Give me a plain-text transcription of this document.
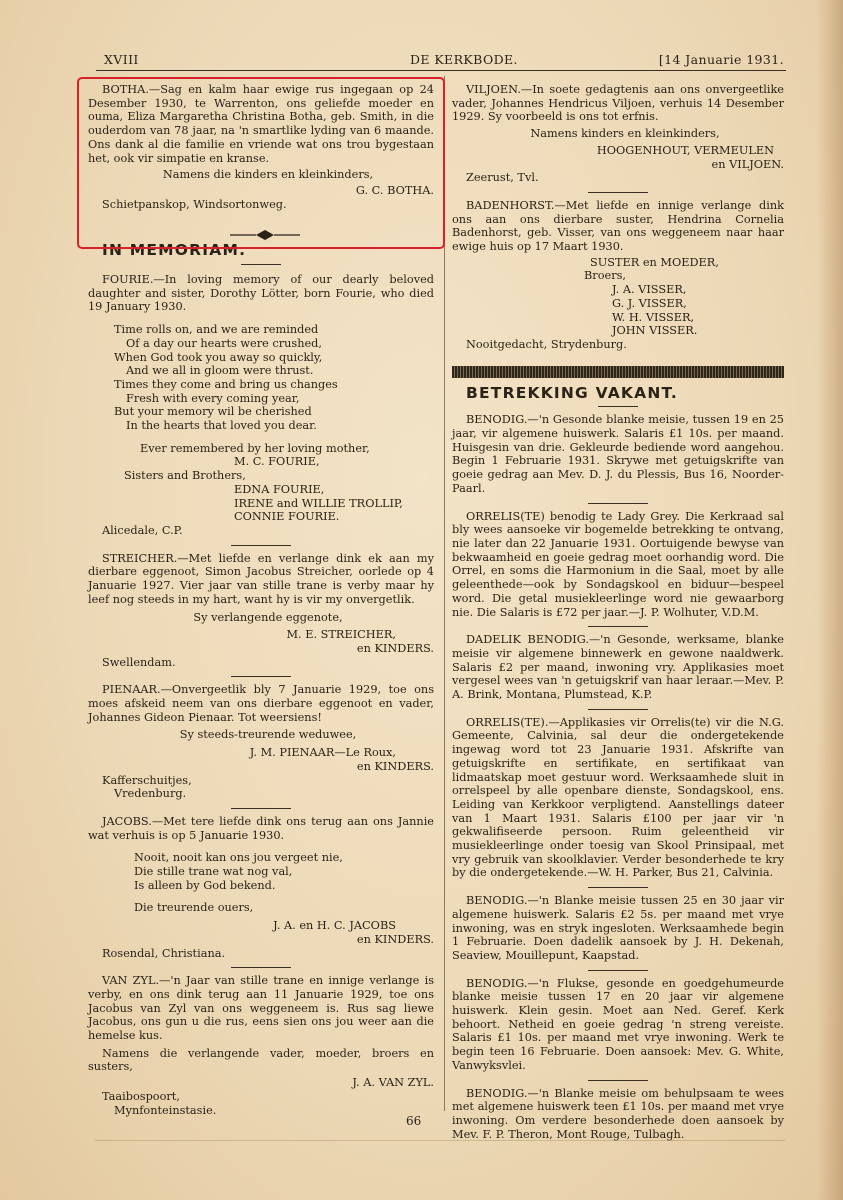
XVIII	DE KERKBODE.	[14 Januarie 1931.

BOTHA.—Sag en kalm haar ewige rus ingegaan op 24 Desember 1930, te Warrenton, ons geliefde moeder en ouma, Eliza Margaretha Christina Botha, geb. Smith, in die ouderdom van 78 jaar, na 'n smartlike lyding van 6 maande. Ons dank al die familie en vriende wat ons trou bygestaan het, ook vir simpatie en kranse.

Namens die kinders en kleinkinders,

G. C. BOTHA.

Schietpanskop, Windsortonweg.

IN MEMORIAM.

FOURIE.—In loving memory of our dearly beloved daughter and sister, Dorothy Lötter, born Fourie, who died 19 January 1930.

Time rolls on, and we are reminded
Of a day our hearts were crushed,
When God took you away so quickly,
And we all in gloom were thrust.
Times they come and bring us changes
Fresh with every coming year,
But your memory wil be cherished
In the hearts that loved you dear.

Ever remembered by her loving mother,

M. C. FOURIE,

Sisters and Brothers,

EDNA FOURIE,

IRENE and WILLIE TROLLIP,

CONNIE FOURIE.

Alicedale, C.P.

STREICHER.—Met liefde en verlange dink ek aan my dierbare eggenoot, Simon Jacobus Streicher, oorlede op 4 Januarie 1927. Vier jaar van stille trane is verby maar hy leef nog steeds in my hart, want hy is vir my onvergetlik.

Sy verlangende eggenote,

M. E. STREICHER,

en KINDERS.

Swellendam.

PIENAAR.—Onvergeetlik bly 7 Januarie 1929, toe ons moes afskeid neem van ons dierbare eggenoot en vader, Johannes Gideon Pienaar. Tot weersiens!

Sy steeds-treurende weduwee,

J. M. PIENAAR—Le Roux,

en KINDERS.

Kafferschuitjes,

Vredenburg.

JACOBS.—Met tere liefde dink ons terug aan ons Jannie wat verhuis is op 5 Januarie 1930.

Nooit, nooit kan ons jou vergeet nie,
Die stille trane wat nog val,
Is alleen by God bekend.

Die treurende ouers,

J. A. en H. C. JACOBS

en KINDERS.

Rosendal, Christiana.

VAN ZYL.—'n Jaar van stille trane en innige verlange is verby, en ons dink terug aan 11 Januarie 1929, toe ons Jacobus van Zyl van ons weggeneem is. Rus sag liewe Jacobus, ons gun u die rus, eens sien ons jou weer aan die hemelse kus.

Namens die verlangende vader, moeder, broers en susters,

J. A. VAN ZYL.

Taaibospoort,

Mynfonteinstasie.

VILJOEN.—In soete gedagtenis aan ons onvergeetlike vader, Johannes Hendricus Viljoen, verhuis 14 Desember 1929. Sy voorbeeld is ons tot erfnis.

Namens kinders en kleinkinders,

HOOGENHOUT, VERMEULEN

en VILJOEN.

Zeerust, Tvl.

BADENHORST.—Met liefde en innige verlange dink ons aan ons dierbare suster, Hendrina Cornelia Badenhorst, geb. Visser, van ons weggeneem naar haar ewige huis op 17 Maart 1930.

SUSTER en MOEDER,

Broers,

J. A. VISSER,

G. J. VISSER,

W. H. VISSER,

JOHN VISSER.

Nooitgedacht, Strydenburg.

BETREKKING VAKANT.

BENODIG.—'n Gesonde blanke meisie, tussen 19 en 25 jaar, vir algemene huiswerk. Salaris £1 10s. per maand. Huisgesin van drie. Gekleurde bediende word aangehou. Begin 1 Februarie 1931. Skrywe met getuigskrifte van goeie gedrag aan Mev. D. J. du Plessis, Bus 16, Noorder-Paarl.

ORRELIS(TE) benodig te Lady Grey. Die Kerkraad sal bly wees aansoeke vir bogemelde betrekking te ontvang, nie later dan 22 Januarie 1931. Oortuigende bewyse van bekwaamheid en goeie gedrag moet oorhandig word. Die Orrel, en soms die Harmonium in die Saal, moet by alle geleenthede—ook by Sondagskool en biduur—bespeel word. Die getal musiekleerlinge word nie gewaarborg nie. Die Salaris is £72 per jaar.—J. P. Wolhuter, V.D.M.

DADELIK BENODIG.—'n Gesonde, werksame, blanke meisie vir algemene binnewerk en gewone naaldwerk. Salaris £2 per maand, inwoning vry. Applikasies moet vergesel wees van 'n getuigskrif van haar leraar.—Mev. P. A. Brink, Montana, Plumstead, K.P.

ORRELIS(TE).—Applikasies vir Orrelis(te) vir die N.G. Gemeente, Calvinia, sal deur die ondergetekende ingewag word tot 23 Januarie 1931. Afskrifte van getuigskrifte en sertifikate, en sertifikaat van lidmaatskap moet gestuur word. Werksaamhede sluit in orrelspeel by alle openbare dienste, Sondagskool, ens. Leiding van Kerkkoor verpligtend. Aanstellings dateer van 1 Maart 1931. Salaris £100 per jaar vir 'n gekwalifiseerde persoon. Ruim geleentheid vir musiekleerlinge onder toesig van Skool Prinsipaal, met vry gebruik van skoolklavier. Verder besonderhede te kry by die ondergetekende.—W. H. Parker, Bus 21, Calvinia.

BENODIG.—'n Blanke meisie tussen 25 en 30 jaar vir algemene huiswerk. Salaris £2 5s. per maand met vrye inwoning, was en stryk ingesloten. Werksaamhede begin 1 Februarie. Doen dadelik aansoek by J. H. Dekenah, Seaview, Mouillepunt, Kaapstad.

BENODIG.—'n Flukse, gesonde en goedgehumeurde blanke meisie tussen 17 en 20 jaar vir algemene huiswerk. Klein gesin. Moet aan Ned. Geref. Kerk behoort. Netheid en goeie gedrag 'n streng vereiste. Salaris £1 10s. per maand met vrye inwoning. Werk te begin teen 16 Februarie. Doen aansoek: Mev. G. White, Vanwyksvlei.

BENODIG.—'n Blanke meisie om behulpsaam te wees met algemene huiswerk teen £1 10s. per maand met vrye inwoning. Om verdere besonderhede doen aansoek by Mev. F. P. Theron, Mont Rouge, Tulbagh.

66
